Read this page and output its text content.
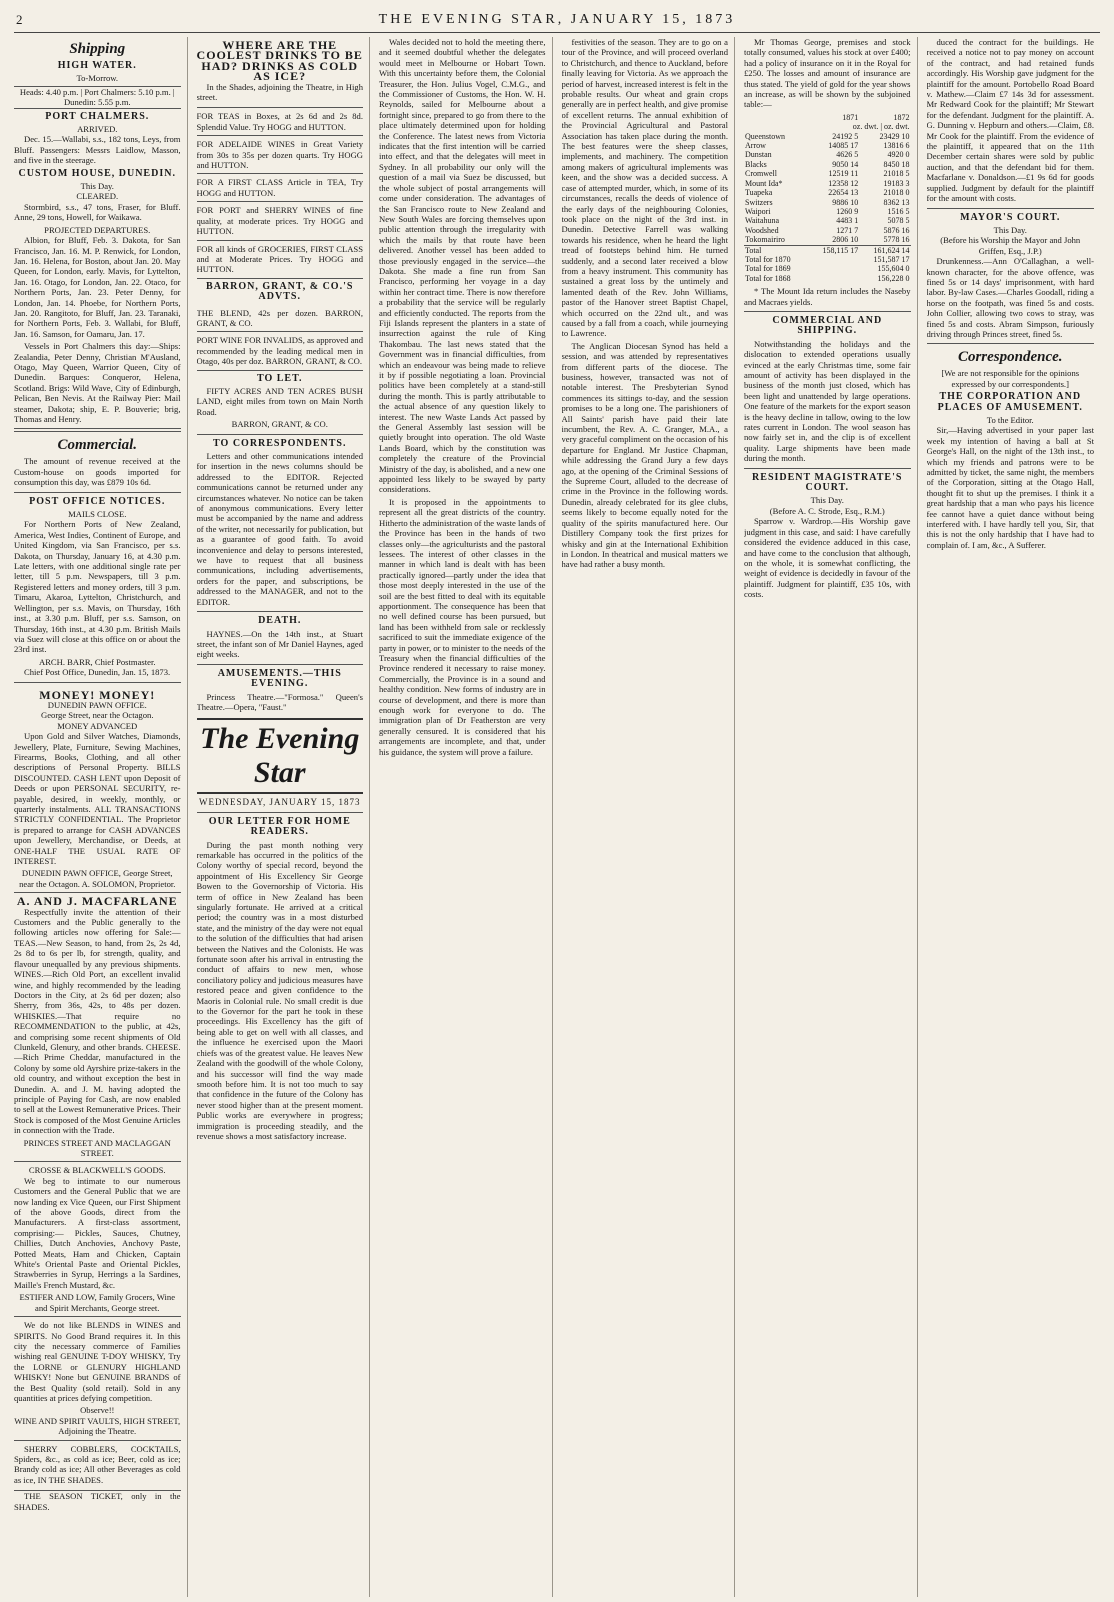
2	THE EVENING STAR, JANUARY 15, 1873
Shipping
HIGH WATER.
To-Morrow.
Heads: 4.40 p.m. | Port Chalmers: 5.10 p.m. | Dunedin: 5.55 p.m.
PORT CHALMERS.
ARRIVED.
Dec. 15.—Wallabi, s.s., 182 tons, Leys, from Bluff. Passengers: Messrs Laidlow, Masson, and five in the steerage.
CUSTOM HOUSE, DUNEDIN.
This Day.
CLEARED.
Stormbird, s.s., 47 tons, Fraser, for Bluff. Anne, 29 tons, Howell, for Waikawa.
PROJECTED DEPARTURES.
Albion, for Bluff, Feb. 3. Dakota, for San Francisco, Jan. 16. M. P. Renwick, for London, Jan. 16. Helena, for Boston, about Jan. 20. May Queen, for London, early. Mavis, for Lyttelton, Jan. 16. Otago, for London, Jan. 22. Otaco, for Northern Ports, Jan. 23. Peter Denny, for London, Jan. 14. Phoebe, for Northern Ports, Jan. 20. Rangitoto, for Bluff, Jan. 23. Taranaki, for Northern Ports, Feb. 3. Wallabi, for Bluff, Jan. 16. Samson, for Oamaru, Jan. 17.
Vessels in Port Chalmers this day:—Ships: Zealandia, Peter Denny, Christian M'Ausland, Otago, May Queen, Warrior Queen, City of Dunedin. Barques: Conqueror, Helena, Scotland. Brigs: Wild Wave, City of Edinburgh, Pelican, Ben Nevis. At the Railway Pier: Mail steamer, Dakota; ship, E. P. Bouverie; brig, Thomas and Henry.
Commercial.
The amount of revenue received at the Custom-house on goods imported for consumption this day, was £879 10s 6d.
POST OFFICE NOTICES.
MAILS CLOSE.
For Northern Ports of New Zealand, America, West Indies, Continent of Europe, and United Kingdom, via San Francisco, per s.s. Dakota, on Thursday, January 16, at 4.30 p.m. Late letters, with one additional single rate per letter, till 5 p.m. Newspapers, till 3 p.m. Registered letters and money orders, till 3 p.m. Timaru, Akaroa, Lyttelton, Christchurch, and Wellington, per s.s. Mavis, on Thursday, 16th inst., at 3.30 p.m. Bluff, per s.s. Samson, on Thursday, 16th inst., at 4.30 p.m. British Mails via Suez will close at this office on or about the 23rd inst.
ARCH. BARR, Chief Postmaster.
Chief Post Office, Dunedin, Jan. 15, 1873.
MONEY! MONEY!
DUNEDIN PAWN OFFICE.
George Street, near the Octagon.
MONEY ADVANCED
Upon Gold and Silver Watches, Diamonds, Jewellery, Plate, Furniture, Sewing Machines, Firearms, Books, Clothing, and all other descriptions of Personal Property. BILLS DISCOUNTED. CASH LENT upon Deposit of Deeds or upon PERSONAL SECURITY, re-payable, desired, in weekly, monthly, or quarterly instalments. ALL TRANSACTIONS STRICTLY CONFIDENTIAL. The Proprietor is prepared to arrange for CASH ADVANCES upon Jewellery, Merchandise, or Deeds, at ONE-HALF THE USUAL RATE OF INTEREST.
DUNEDIN PAWN OFFICE, George Street, near the Octagon. A. SOLOMON, Proprietor.
A. AND J. MACFARLANE
Respectfully invite the attention of their Customers and the Public generally to the following articles now offering for Sale:— TEAS.—New Season, to hand, from 2s, 2s 4d, 2s 8d to 6s per lb, for strength, quality, and flavour unequalled by any previous shipments. WINES.—Rich Old Port, an excellent invalid wine, and highly recommended by the leading Doctors in the City, at 2s 6d per dozen; also Sherry, from 36s, 42s, to 48s per dozen. WHISKIES.—That require no RECOMMENDATION to the public, at 42s, and comprising some recent shipments of Old Clunkeld, Glenury, and other brands. CHEESE.—Rich Prime Cheddar, manufactured in the Colony by some old Ayrshire prize-takers in the old country, and without exception the best in Dunedin. A. and J. M. having adopted the principle of Paying for Cash, are now enabled to sell at the Lowest Remunerative Prices. Their Stock is composed of the Most Genuine Articles in connection with the Trade.
PRINCES STREET AND MACLAGGAN STREET.
CROSSE & BLACKWELL'S GOODS.
We beg to intimate to our numerous Customers and the General Public that we are now landing ex Vice Queen, our First Shipment of the above Goods, direct from the Manufacturers. A first-class assortment, comprising:— Pickles, Sauces, Chutney, Chillies, Dutch Anchovies, Anchovy Paste, Potted Meats, Ham and Chicken, Captain White's Oriental Paste and Oriental Pickles, Strawberries in Syrup, Herrings a la Sardines, Maille's French Mustard, &c.
ESTIFER AND LOW, Family Grocers, Wine and Spirit Merchants, George street.
We do not like BLENDS in WINES and SPIRITS. No Good Brand requires it. In this city the necessary commerce of Families wishing real GENUINE T-DOY WHISKY, Try the LORNE or GLENURY HIGHLAND WHISKY! None but GENUINE BRANDS of the Best Quality (sold retail). Sold in any quantities at prices defying competition.
Observe!!
WINE AND SPIRIT VAULTS, HIGH STREET, Adjoining the Theatre.
SHERRY COBBLERS, COCKTAILS, Spiders, &c., as cold as ice; Beer, cold as ice; Brandy cold as ice; All other Beverages as cold as ice, IN THE SHADES.
THE SEASON TICKET, only in the SHADES.
WHERE ARE THE COOLEST DRINKS TO BE HAD? DRINKS AS COLD AS ICE?
In the Shades, adjoining the Theatre, in High street.
FOR TEAS in Boxes, at 2s 6d and 2s 8d. Splendid Value. Try HOGG and HUTTON.
FOR ADELAIDE WINES in Great Variety from 30s to 35s per dozen quarts. Try HOGG and HUTTON.
FOR A FIRST CLASS Article in TEA, Try HOGG and HUTTON.
FOR PORT and SHERRY WINES of fine quality, at moderate prices. Try HOGG and HUTTON.
FOR all kinds of GROCERIES, FIRST CLASS and at Moderate Prices. Try HOGG and HUTTON.
BARRON, GRANT, & CO.'S ADVTS.
THE BLEND, 42s per dozen. BARRON, GRANT, & CO.
PORT WINE FOR INVALIDS, as approved and recommended by the leading medical men in Otago, 40s per doz. BARRON, GRANT, & CO.
TO LET.
FIFTY ACRES AND TEN ACRES BUSH LAND, eight miles from town on Main North Road.
BARRON, GRANT, & CO.
TO CORRESPONDENTS.
Letters and other communications intended for insertion in the news columns should be addressed to the EDITOR. Rejected communications cannot be returned under any circumstances whatever. No notice can be taken of anonymous communications. Every letter must be accompanied by the name and address of the writer, not necessarily for publication, but as a guarantee of good faith. To avoid inconvenience and delay to persons interested, we have to request that all business communications, including advertisements, orders for the paper, and subscriptions, be addressed to the MANAGER, and not to the EDITOR.
DEATH.
HAYNES.—On the 14th inst., at Stuart street, the infant son of Mr Daniel Haynes, aged eight weeks.
AMUSEMENTS.—THIS EVENING.
Princess Theatre.—"Formosa." Queen's Theatre.—Opera, "Faust."
The Evening Star
WEDNESDAY, JANUARY 15, 1873
OUR LETTER FOR HOME READERS.
During the past month nothing very remarkable has occurred in the politics of the Colony worthy of special record, beyond the appointment of His Excellency Sir George Bowen to the Governorship of Victoria. His term of office in New Zealand has been singularly fortunate. He arrived at a critical period; the country was in a most disturbed state, and the ministry of the day were not equal to the solution of the difficulties that had arisen between the Natives and the Colonists. He was fortunate soon after his arrival in entrusting the conduct of affairs to new men, whose conciliatory policy and judicious measures have restored peace and given confidence to the Maoris in Colonial rule. No small credit is due to the Governor for the part he took in these proceedings. His Excellency has the gift of being able to get on well with all classes, and the influence he exercised upon the Maori chiefs was of the greatest value. He leaves New Zealand with the goodwill of the whole Colony, and his successor will find the way made smooth before him. It is not too much to say that confidence in the future of the Colony has never stood higher than at the present moment. Public works are everywhere in progress; immigration is proceeding steadily, and the revenue shows a most satisfactory increase.
Wales decided not to hold the meeting there, and it seemed doubtful whether the delegates would meet in Melbourne or Hobart Town. With this uncertainty before them, the Colonial Treasurer, the Hon. Julius Vogel, C.M.G., and the Commissioner of Customs, the Hon. W. H. Reynolds, sailed for Melbourne about a fortnight since, prepared to go from there to the place ultimately determined upon for holding the Conference. The latest news from Victoria indicates that the first intention will be carried into effect, and that the delegates will meet in Sydney. In all probability our only will the question of a mail via Suez be discussed, but the whole subject of postal arrangements will come under consideration. The advantages of the San Francisco route to New Zealand and New South Wales are forcing themselves upon public attention through the irregularity with which the mails by that route have been delivered. Another vessel has been added to those previously engaged in the service—the Dakota. She made a fine run from San Francisco, performing her voyage in a day within her contract time. There is now therefore a probability that the service will be regularly and efficiently conducted. The reports from the Fiji Islands represent the planters in a state of insurrection against the rule of King Thakombau. The last news stated that the Government was in financial difficulties, from which an endeavour was being made to relieve it by if possible negotiating a loan. Provincial politics have been completely at a stand-still during the month. This is partly attributable to the actual absence of any question likely to interest. The new Waste Lands Act passed by the General Assembly last session will be quietly brought into operation. The old Waste Lands Board, which by the constitution was completely the creature of the Provincial Ministry of the day, is abolished, and a new one appointed less likely to be swayed by party considerations.
It is proposed in the appointments to represent all the great districts of the country. Hitherto the administration of the waste lands of the Province has been in the hands of two classes only—the agriculturists and the pastoral lessees. The interest of other classes in the manner in which land is dealt with has been practically ignored—partly under the idea that those most deeply interested in the use of the soil are the best fitted to deal with its equitable apportionment. The consequence has been that no well defined course has been pursued, but land has been withheld from sale or recklessly sacrificed to suit the immediate exigence of the party in power, or to minister to the needs of the Treasury when the financial difficulties of the Province rendered it necessary to raise money. Commercially, the Province is in a sound and healthy condition. New forms of industry are in course of development, and there is more than enough work for everyone to do. The immigration plan of Dr Featherston are very generally censured. It is considered that his arrangements are incomplete, and that, under his guidance, the system will prove a failure.
festivities of the season. They are to go on a tour of the Province, and will proceed overland to Christchurch, and thence to Auckland, before finally leaving for Victoria. As we approach the period of harvest, increased interest is felt in the probable results. Our wheat and grain crops generally are in perfect health, and give promise of excellent returns. The annual exhibition of the Provincial Agricultural and Pastoral Association has taken place during the month. The best features were the sheep classes, implements, and machinery. The competition among makers of agricultural implements was keen, and the show was a decided success. A case of attempted murder, which, in some of its circumstances, recalls the deeds of violence of the early days of the neighbouring Colonies, took place on the night of the 3rd inst. in Dunedin. Detective Farrell was walking towards his residence, when he heard the light tread of footsteps behind him. He turned suddenly, and a second later received a blow from a heavy instrument. This community has sustained a great loss by the untimely and lamented death of the Rev. John Williams, pastor of the Hanover street Baptist Chapel, which occurred on the 22nd ult., and was caused by a fall from a coach, while journeying to Lawrence.
The Anglican Diocesan Synod has held a session, and was attended by representatives from different parts of the diocese. The business, however, transacted was not of notable interest. The Presbyterian Synod commences its sittings to-day, and the session promises to be a long one. The parishioners of All Saints' parish have paid their late incumbent, the Rev. A. C. Granger, M.A., a very graceful compliment on the occasion of his departure for England. Mr Justice Chapman, while addressing the Grand Jury a few days ago, at the opening of the Criminal Sessions of the Supreme Court, alluded to the decrease of crime in the Province in the following words. Dunedin, already celebrated for its glee clubs, seems likely to become equally noted for the quality of the spirits manufactured here. Our Distillery Company took the first prizes for whisky and gin at the International Exhibition in London. In theatrical and musical matters we have had rather a busy month.
Mr Thomas George, premises and stock totally consumed, values his stock at over £400; had a policy of insurance on it in the Royal for £250. The losses and amount of insurance are thus stated. The yield of gold for the year shows an increase, as will be shown by the subjoined table:—
	1871	1872
oz. dwt. | oz. dwt.		
Queenstown	24192 5	23429 10
Arrow	14085 17	13816 6
Dunstan	4626 5	4920 0
Blacks	9050 14	8450 18
Cromwell	12519 11	21018 5
Mount Ida*	12358 12	19183 3
Tuapeka	22654 13	21018 0
Switzers	9886 10	8362 13
Waipori	1260 9	1516 5
Waitahuna	4483 1	5078 5
Woodshed	1271 7	5876 16
Tokomairiro	2806 10	5778 16
Total	158,115 17	161,624 14
Total for 1870	151,587 17	
Total for 1869	155,604 0	
Total for 1868	156,228 0	
* The Mount Ida return includes the Naseby and Macraes yields.
COMMERCIAL AND SHIPPING.
Notwithstanding the holidays and the dislocation to extended operations usually evinced at the early Christmas time, some fair amount of activity has been displayed in the business of the month just closed, which has been light and unattended by large operations. One feature of the markets for the export season is the heavy decline in tallow, owing to the low rates current in London. The wool season has now fairly set in, and the clip is of excellent quality. Large shipments have been made during the month.
RESIDENT MAGISTRATE'S COURT.
This Day.
(Before A. C. Strode, Esq., R.M.)
Sparrow v. Wardrop.—His Worship gave judgment in this case, and said: I have carefully considered the evidence adduced in this case, and have come to the conclusion that although, on the whole, it is somewhat conflicting, the weight of evidence is decidedly in favour of the plaintiff. Judgment for plaintiff, £35 10s, with costs.
duced the contract for the buildings. He received a notice not to pay money on account of the contract, and had retained funds accordingly. His Worship gave judgment for the plaintiff for the amount. Portobello Road Board v. Mathew.—Claim £7 14s 3d for assessment. Mr Redward Cook for the plaintiff; Mr Stewart for the defendant. Judgment for the plaintiff. A. G. Dunning v. Hepburn and others.—Claim, £8. Mr Cook for the plaintiff. From the evidence of the plaintiff, it appeared that on the 11th December certain shares were sold by public auction, and that the defendant bid for them. Macfarlane v. Donaldson.—£1 9s 6d for goods supplied. Judgment by default for the plaintiff for the amount with costs.
MAYOR'S COURT.
This Day.
(Before his Worship the Mayor and John Griffen, Esq., J.P.)
Drunkenness.—Ann O'Callaghan, a well-known character, for the above offence, was fined 5s or 14 days' imprisonment, with hard labor. By-law Cases.—Charles Goodall, riding a horse on the footpath, was fined 5s and costs. John Collier, allowing two cows to stray, was fined 5s and costs. Abram Simpson, furiously driving through Princes street, fined 5s.
Correspondence.
[We are not responsible for the opinions expressed by our correspondents.]
THE CORPORATION AND PLACES OF AMUSEMENT.
To the Editor.
Sir,—Having advertised in your paper last week my intention of having a ball at St George's Hall, on the night of the 13th inst., to which my friends and patrons were to be admitted by ticket, the same night, the members of the Corporation, sitting at the Otago Hall, thought fit to shut up the premises. I think it a great hardship that a man who pays his licence fee cannot have a quiet dance without being interfered with. I have hardly tell you, Sir, that this is not the only hardship that I have had to complain of. I am, &c., A Sufferer.
